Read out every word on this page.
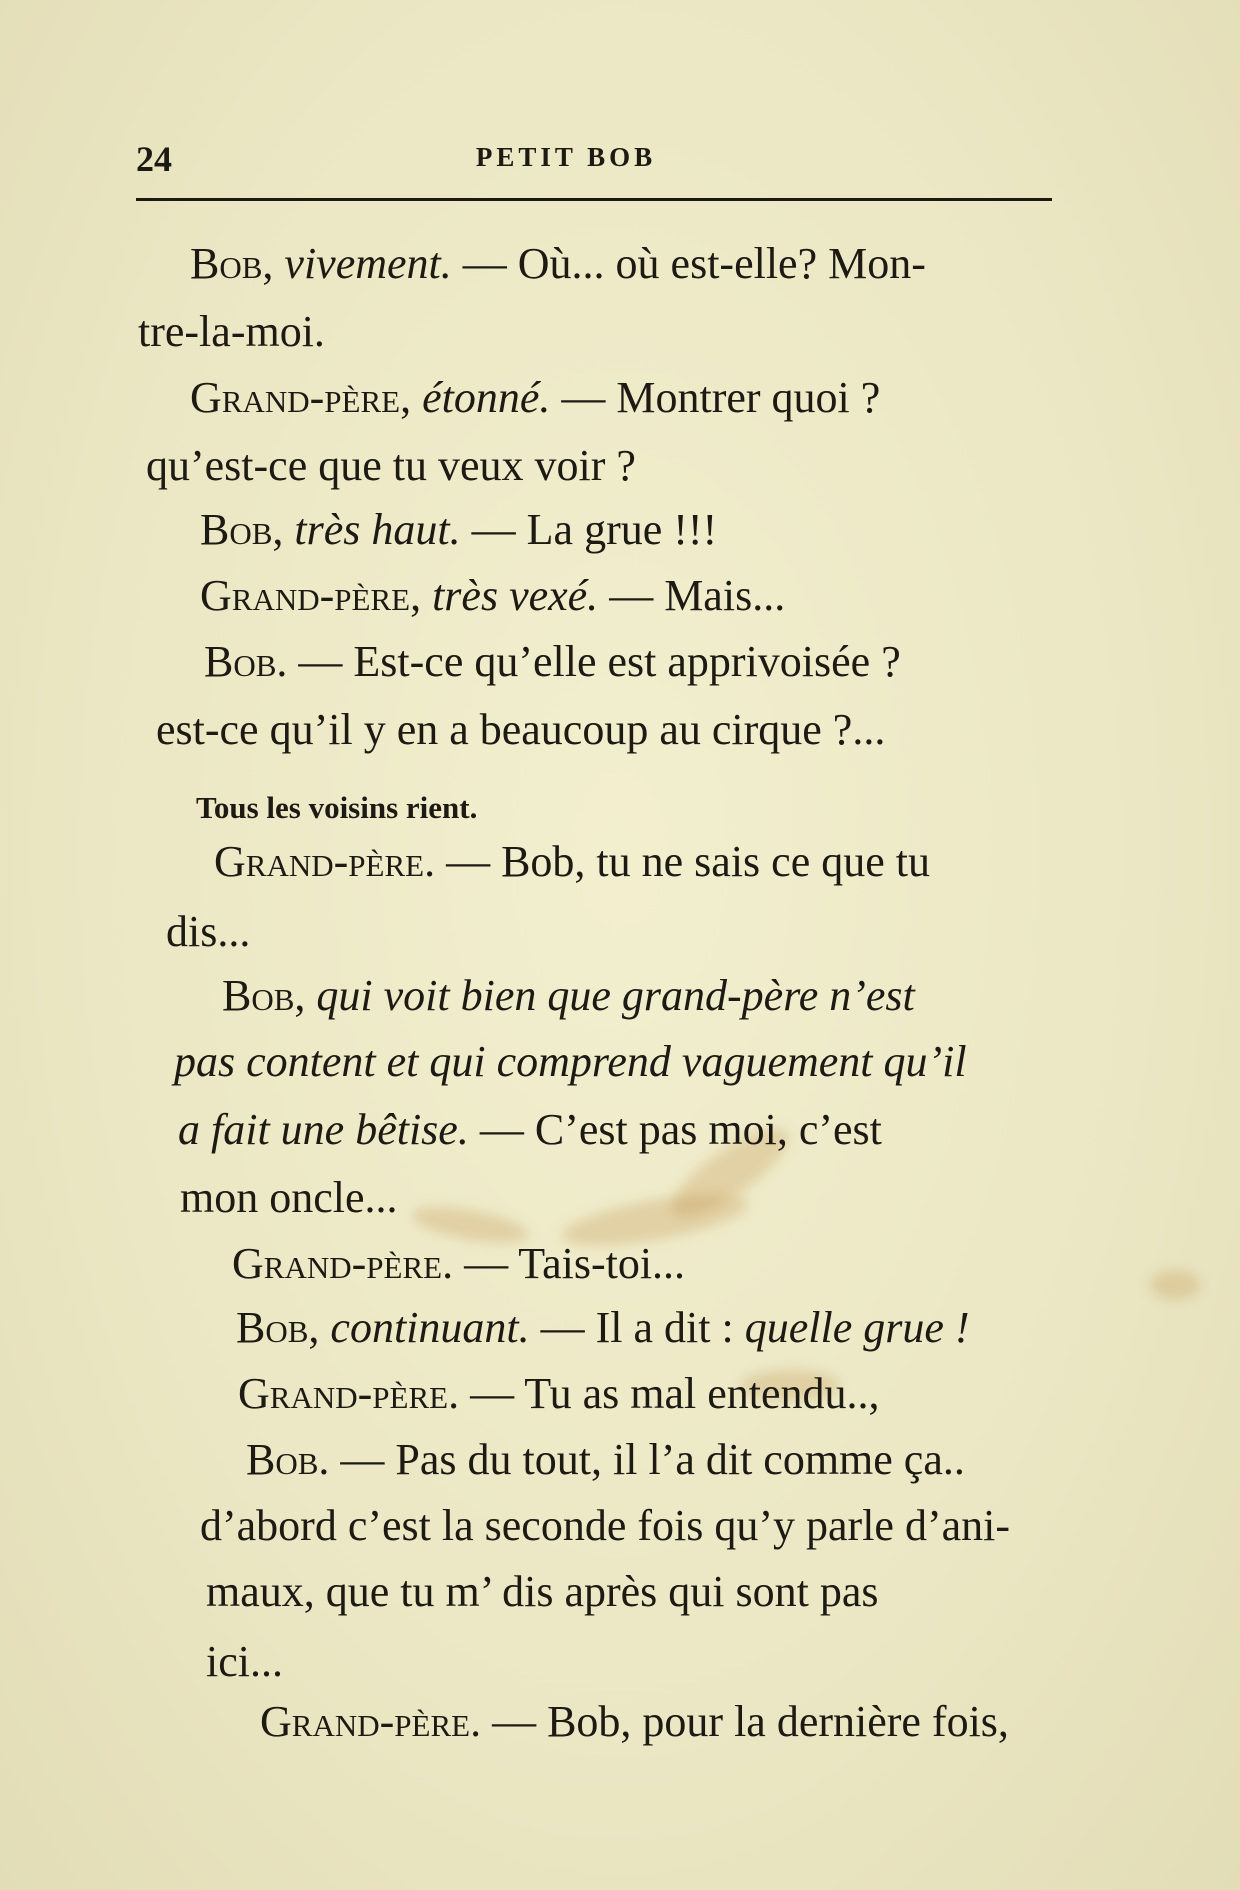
24	PETIT BOB
Bob, vivement. — Où... où est-elle? Mon-
tre-la-moi.
Grand-père, étonné. — Montrer quoi ?
qu’est-ce que tu veux voir ?
Bob, très haut. — La grue !!!
Grand-père, très vexé. — Mais...
Bob. — Est-ce qu’elle est apprivoisée ?
est-ce qu’il y en a beaucoup au cirque ?...
Tous les voisins rient.
Grand-père. — Bob, tu ne sais ce que tu
dis...
Bob, qui voit bien que grand-père n’est
pas content et qui comprend vaguement qu’il
a fait une bêtise. — C’est pas moi, c’est
mon oncle...
Grand-père. — Tais-toi...
Bob, continuant. — Il a dit : quelle grue !
Grand-père. — Tu as mal entendu..,
Bob. — Pas du tout, il l’a dit comme ça..
d’abord c’est la seconde fois qu’y parle d’ani-
maux, que tu m’ dis après qui sont pas
ici...
Grand-père. — Bob, pour la dernière fois,
